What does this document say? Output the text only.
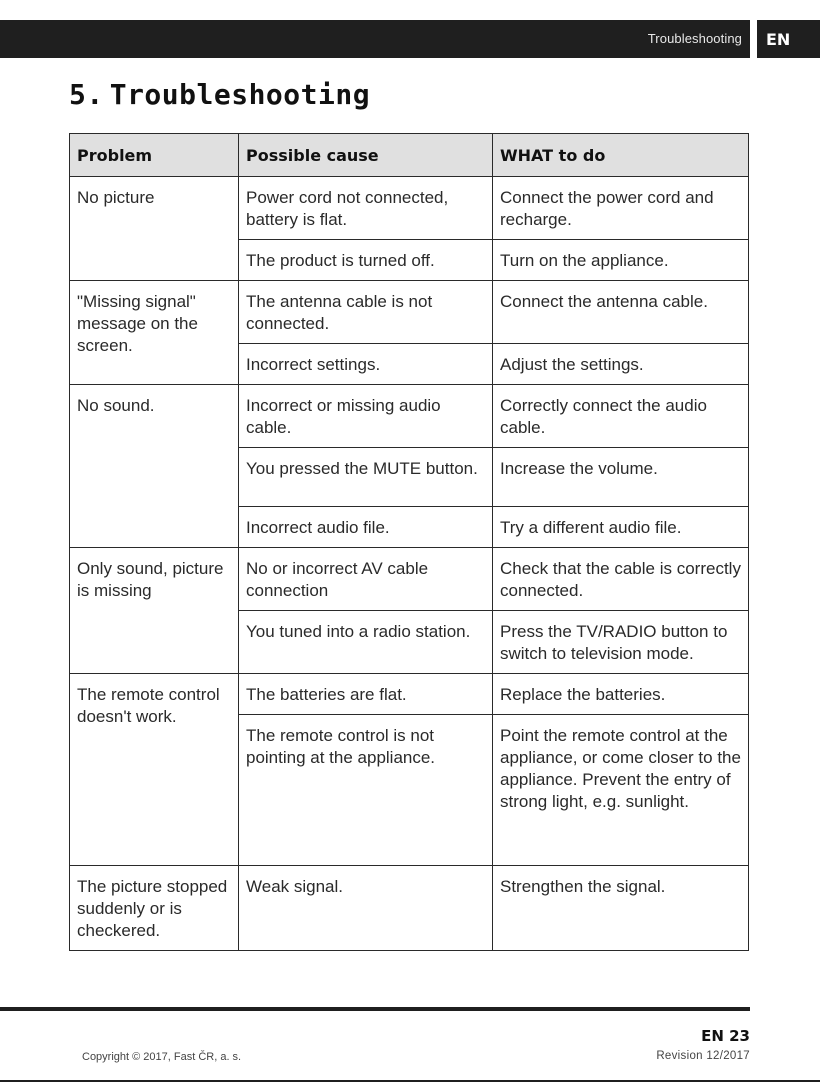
Troubleshooting	EN
5. Troubleshooting
Problem	Possible cause	WHAT to do
No picture	Power cord not connected, battery is flat.	Connect the power cord and recharge.
	The product is turned off.	Turn on the appliance.
"Missing signal" message on the screen.	The antenna cable is not connected.	Connect the antenna cable.
	Incorrect settings.	Adjust the settings.
No sound.	Incorrect or missing audio cable.	Correctly connect the audio cable.
	You pressed the MUTE button.	Increase the volume.
	Incorrect audio file.	Try a different audio file.
Only sound, picture is missing	No or incorrect AV cable connection	Check that the cable is correctly connected.
	You tuned into a radio station.	Press the TV/RADIO button to switch to television mode.
The remote control doesn't work.	The batteries are flat.	Replace the batteries.
	The remote control is not pointing at the appliance.	Point the remote control at the appliance, or come closer to the appliance. Prevent the entry of strong light, e.g. sunlight.
The picture stopped suddenly or is checkered.	Weak signal.	Strengthen the signal.
EN 23
Copyright © 2017, Fast ČR, a. s.	Revision 12/2017
